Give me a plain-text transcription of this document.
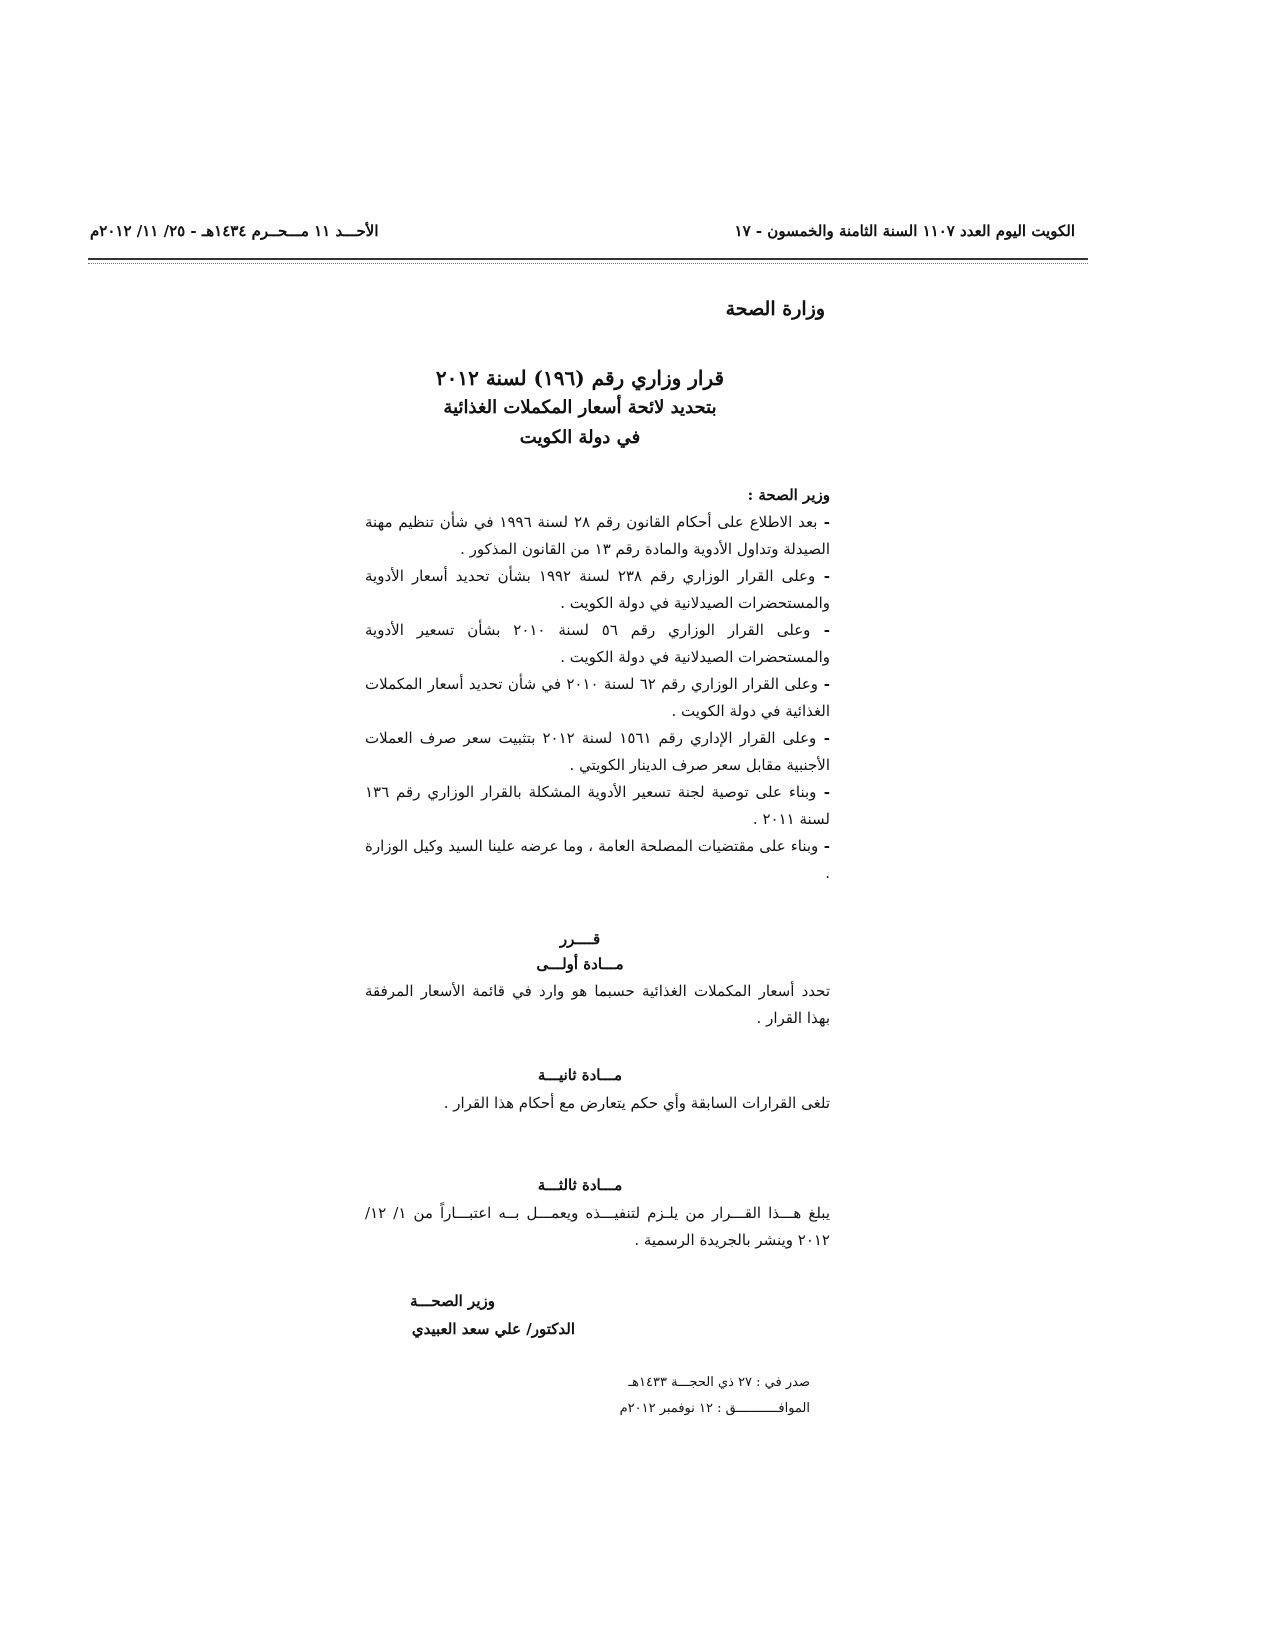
الكويت اليوم العدد ١١٠٧ السنة الثامنة والخمسون - ١٧
الأحـــد ١١ مـــحــرم ١٤٣٤هـ - ٢٥/ ١١/ ٢٠١٢م
وزارة الصحة
قرار وزاري رقم (١٩٦) لسنة ٢٠١٢
بتحديد لائحة أسعار المكملات الغذائية
في دولة الكويت
وزير الصحة :

- بعد الاطلاع على أحكام القانون رقم ٢٨ لسنة ١٩٩٦ في شأن تنظيم مهنة الصيدلة وتداول الأدوية والمادة رقم ١٣ من القانون المذكور .

- وعلى القرار الوزاري رقم ٢٣٨ لسنة ١٩٩٢ بشأن تحديد أسعار الأدوية والمستحضرات الصيدلانية في دولة الكويت .

- وعلى القرار الوزاري رقم ٥٦ لسنة ٢٠١٠ بشأن تسعير الأدوية والمستحضرات الصيدلانية في دولة الكويت .

- وعلى القرار الوزاري رقم ٦٢ لسنة ٢٠١٠ في شأن تحديد أسعار المكملات الغذائية في دولة الكويت .

- وعلى القرار الإداري رقم ١٥٦١ لسنة ٢٠١٢ بتثبيت سعر صرف العملات الأجنبية مقابل سعر صرف الدينار الكويتي .

- وبناء على توصية لجنة تسعير الأدوية المشكلة بالقرار الوزاري رقم ١٣٦ لسنة ٢٠١١ .

- وبناء على مقتضيات المصلحة العامة ، وما عرضه علينا السيد وكيل الوزارة .

قــــرر
مـــادة أولـــى
تحدد أسعار المكملات الغذائية حسبما هو وارد في قائمة الأسعار المرفقة بهذا القرار .
مـــادة ثانيـــة
تلغى القرارات السابقة وأي حكم يتعارض مع أحكام هذا القرار .
مـــادة ثالثـــة
يبلغ هـــذا القـــرار من يلـزم لتنفيـــذه ويعمـــل بــه اعتبـــاراً من ١/ ١٢/ ٢٠١٢ وينشر بالجريدة الرسمية .
وزير الصحـــة
الدكتور/ علي سعد العبيدي
صدر في : ٢٧ ذي الحجـــة ١٤٣٣هـ
الموافـــــــــــق : ١٢ نوفمبر ٢٠١٢م
